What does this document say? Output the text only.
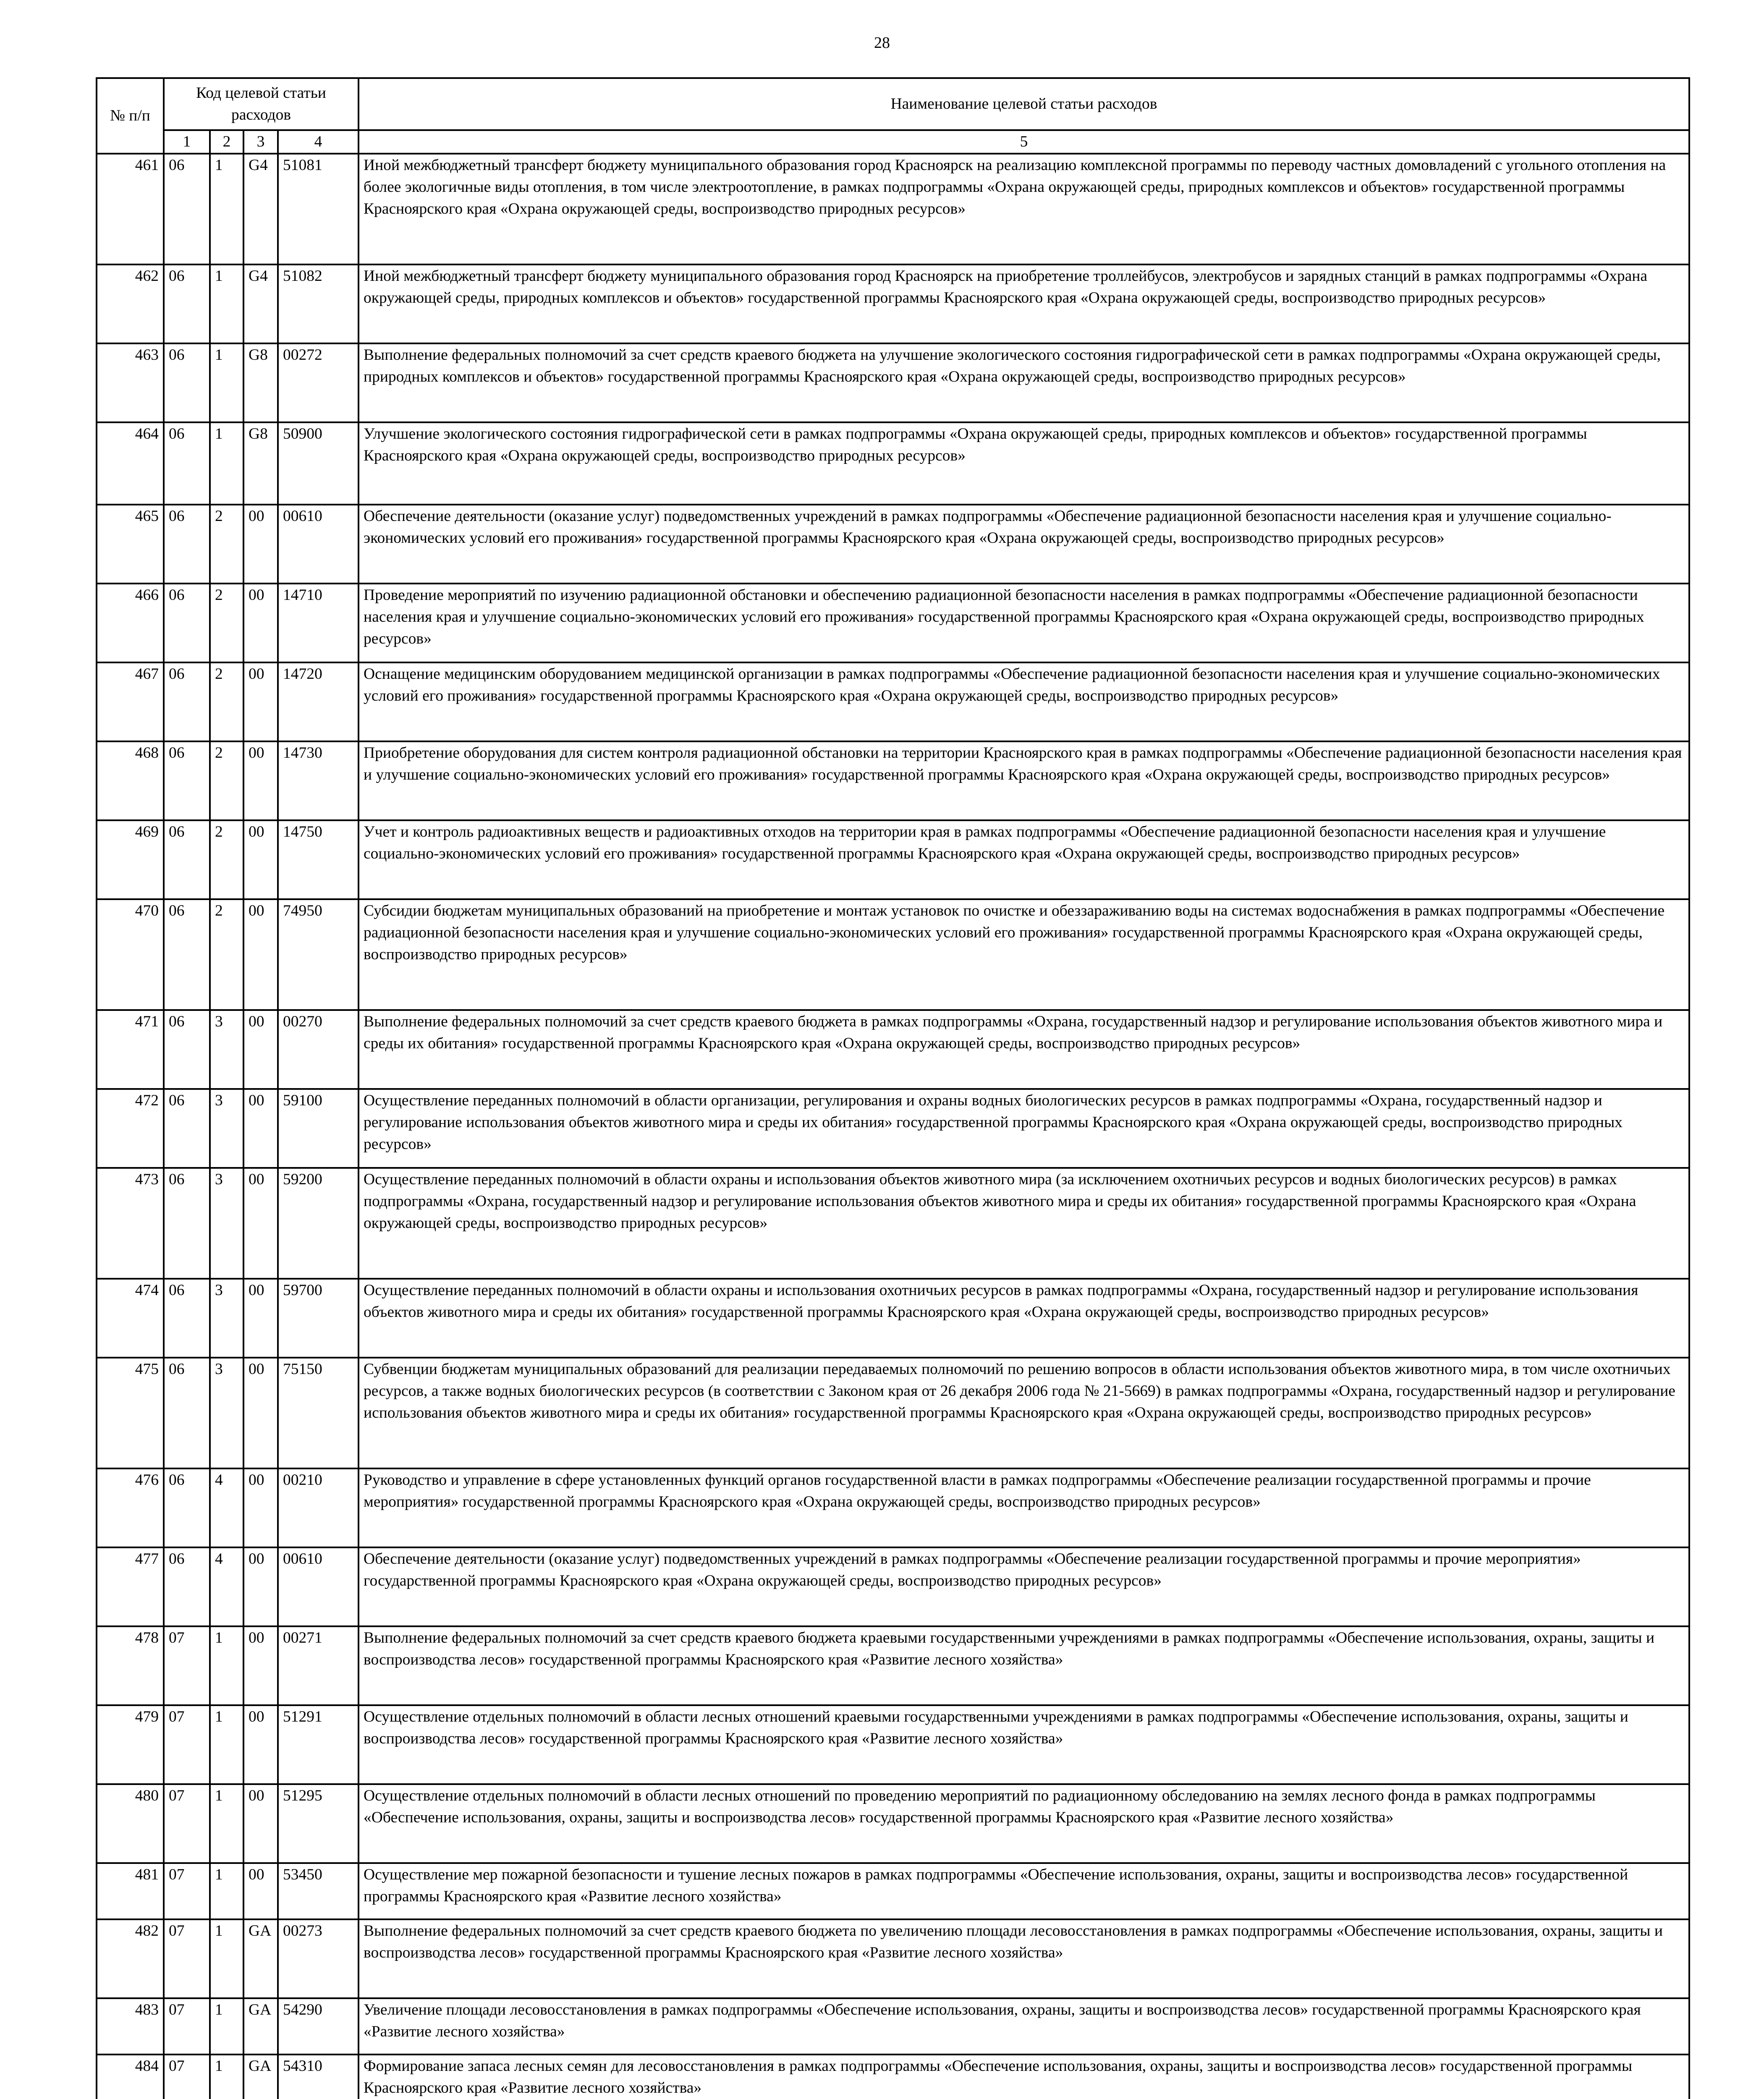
28
№ п/п	Код целевой статьи расходов				Наименование целевой статьи расходов
	1	2	3	4	5
461	06	1	G4	51081	Иной межбюджетный трансферт бюджету муниципального образования город Красноярск на реализацию комплексной программы по переводу частных домовладений с угольного отопления на более экологичные виды отопления, в том числе электроотопление, в рамках подпрограммы «Охрана окружающей среды, природных комплексов и объектов» государственной программы Красноярского края «Охрана окружающей среды, воспроизводство природных ресурсов»
462	06	1	G4	51082	Иной межбюджетный трансферт бюджету муниципального образования город Красноярск на приобретение троллейбусов, электробусов и зарядных станций в рамках подпрограммы «Охрана окружающей среды, природных комплексов и объектов» государственной программы Красноярского края «Охрана окружающей среды, воспроизводство природных ресурсов»
463	06	1	G8	00272	Выполнение федеральных полномочий за счет средств краевого бюджета на улучшение экологического состояния гидрографической сети в рамках подпрограммы «Охрана окружающей среды, природных комплексов и объектов» государственной программы Красноярского края «Охрана окружающей среды, воспроизводство природных ресурсов»
464	06	1	G8	50900	Улучшение экологического состояния гидрографической сети в рамках подпрограммы «Охрана окружающей среды, природных комплексов и объектов» государственной программы Красноярского края «Охрана окружающей среды, воспроизводство природных ресурсов»
465	06	2	00	00610	Обеспечение деятельности (оказание услуг) подведомственных учреждений в рамках подпрограммы «Обеспечение радиационной безопасности населения края и улучшение социально-экономических условий его проживания» государственной программы Красноярского края «Охрана окружающей среды, воспроизводство природных ресурсов»
466	06	2	00	14710	Проведение мероприятий по изучению радиационной обстановки и обеспечению радиационной безопасности населения в рамках подпрограммы «Обеспечение радиационной безопасности населения края и улучшение социально-экономических условий его проживания» государственной программы Красноярского края «Охрана окружающей среды, воспроизводство природных ресурсов»
467	06	2	00	14720	Оснащение медицинским оборудованием медицинской организации в рамках подпрограммы «Обеспечение радиационной безопасности населения края и улучшение социально-экономических условий его проживания» государственной программы Красноярского края «Охрана окружающей среды, воспроизводство природных ресурсов»
468	06	2	00	14730	Приобретение оборудования для систем контроля радиационной обстановки на территории Красноярского края в рамках подпрограммы «Обеспечение радиационной безопасности населения края и улучшение социально-экономических условий его проживания» государственной программы Красноярского края «Охрана окружающей среды, воспроизводство природных ресурсов»
469	06	2	00	14750	Учет и контроль радиоактивных веществ и радиоактивных отходов на территории края в рамках подпрограммы «Обеспечение радиационной безопасности населения края и улучшение социально-экономических условий его проживания» государственной программы Красноярского края «Охрана окружающей среды, воспроизводство природных ресурсов»
470	06	2	00	74950	Субсидии бюджетам муниципальных образований на приобретение и монтаж установок по очистке и обеззараживанию воды на системах водоснабжения в рамках подпрограммы «Обеспечение радиационной безопасности населения края и улучшение социально-экономических условий его проживания» государственной программы Красноярского края «Охрана окружающей среды, воспроизводство природных ресурсов»
471	06	3	00	00270	Выполнение федеральных полномочий за счет средств краевого бюджета в рамках подпрограммы «Охрана, государственный надзор и регулирование использования объектов животного мира и среды их обитания» государственной программы Красноярского края «Охрана окружающей среды, воспроизводство природных ресурсов»
472	06	3	00	59100	Осуществление переданных полномочий в области организации, регулирования и охраны водных биологических ресурсов в рамках подпрограммы «Охрана, государственный надзор и регулирование использования объектов животного мира и среды их обитания» государственной программы Красноярского края «Охрана окружающей среды, воспроизводство природных ресурсов»
473	06	3	00	59200	Осуществление переданных полномочий в области охраны и использования объектов животного мира (за исключением охотничьих ресурсов и водных биологических ресурсов) в рамках подпрограммы «Охрана, государственный надзор и регулирование использования объектов животного мира и среды их обитания» государственной программы Красноярского края «Охрана окружающей среды, воспроизводство природных ресурсов»
474	06	3	00	59700	Осуществление переданных полномочий в области охраны и использования охотничьих ресурсов в рамках подпрограммы «Охрана, государственный надзор и регулирование использования объектов животного мира и среды их обитания» государственной программы Красноярского края «Охрана окружающей среды, воспроизводство природных ресурсов»
475	06	3	00	75150	Субвенции бюджетам муниципальных образований для реализации передаваемых полномочий по решению вопросов в области использования объектов животного мира, в том числе охотничьих ресурсов, а также водных биологических ресурсов (в соответствии с Законом края от 26 декабря 2006 года № 21-5669) в рамках подпрограммы «Охрана, государственный надзор и регулирование использования объектов животного мира и среды их обитания» государственной программы Красноярского края «Охрана окружающей среды, воспроизводство природных ресурсов»
476	06	4	00	00210	Руководство и управление в сфере установленных функций органов государственной власти в рамках подпрограммы «Обеспечение реализации государственной программы и прочие мероприятия» государственной программы Красноярского края «Охрана окружающей среды, воспроизводство природных ресурсов»
477	06	4	00	00610	Обеспечение деятельности (оказание услуг) подведомственных учреждений в рамках подпрограммы «Обеспечение реализации государственной программы и прочие мероприятия» государственной программы Красноярского края «Охрана окружающей среды, воспроизводство природных ресурсов»
478	07	1	00	00271	Выполнение федеральных полномочий за счет средств краевого бюджета краевыми государственными учреждениями в рамках подпрограммы «Обеспечение использования, охраны, защиты и воспроизводства лесов» государственной программы Красноярского края «Развитие лесного хозяйства»
479	07	1	00	51291	Осуществление отдельных полномочий в области лесных отношений краевыми государственными учреждениями в рамках подпрограммы «Обеспечение использования, охраны, защиты и воспроизводства лесов» государственной программы Красноярского края «Развитие лесного хозяйства»
480	07	1	00	51295	Осуществление отдельных полномочий в области лесных отношений по проведению мероприятий по радиационному обследованию на землях лесного фонда в рамках подпрограммы «Обеспечение использования, охраны, защиты и воспроизводства лесов» государственной программы Красноярского края «Развитие лесного хозяйства»
481	07	1	00	53450	Осуществление мер пожарной безопасности и тушение лесных пожаров в рамках подпрограммы «Обеспечение использования, охраны, защиты и воспроизводства лесов» государственной программы Красноярского края «Развитие лесного хозяйства»
482	07	1	GA	00273	Выполнение федеральных полномочий за счет средств краевого бюджета по увеличению площади лесовосстановления в рамках подпрограммы «Обеспечение использования, охраны, защиты и воспроизводства лесов» государственной программы Красноярского края «Развитие лесного хозяйства»
483	07	1	GA	54290	Увеличение площади лесовосстановления в рамках подпрограммы «Обеспечение использования, охраны, защиты и воспроизводства лесов» государственной программы Красноярского края «Развитие лесного хозяйства»
484	07	1	GA	54310	Формирование запаса лесных семян для лесовосстановления в рамках подпрограммы «Обеспечение использования, охраны, защиты и воспроизводства лесов» государственной программы Красноярского края «Развитие лесного хозяйства»
